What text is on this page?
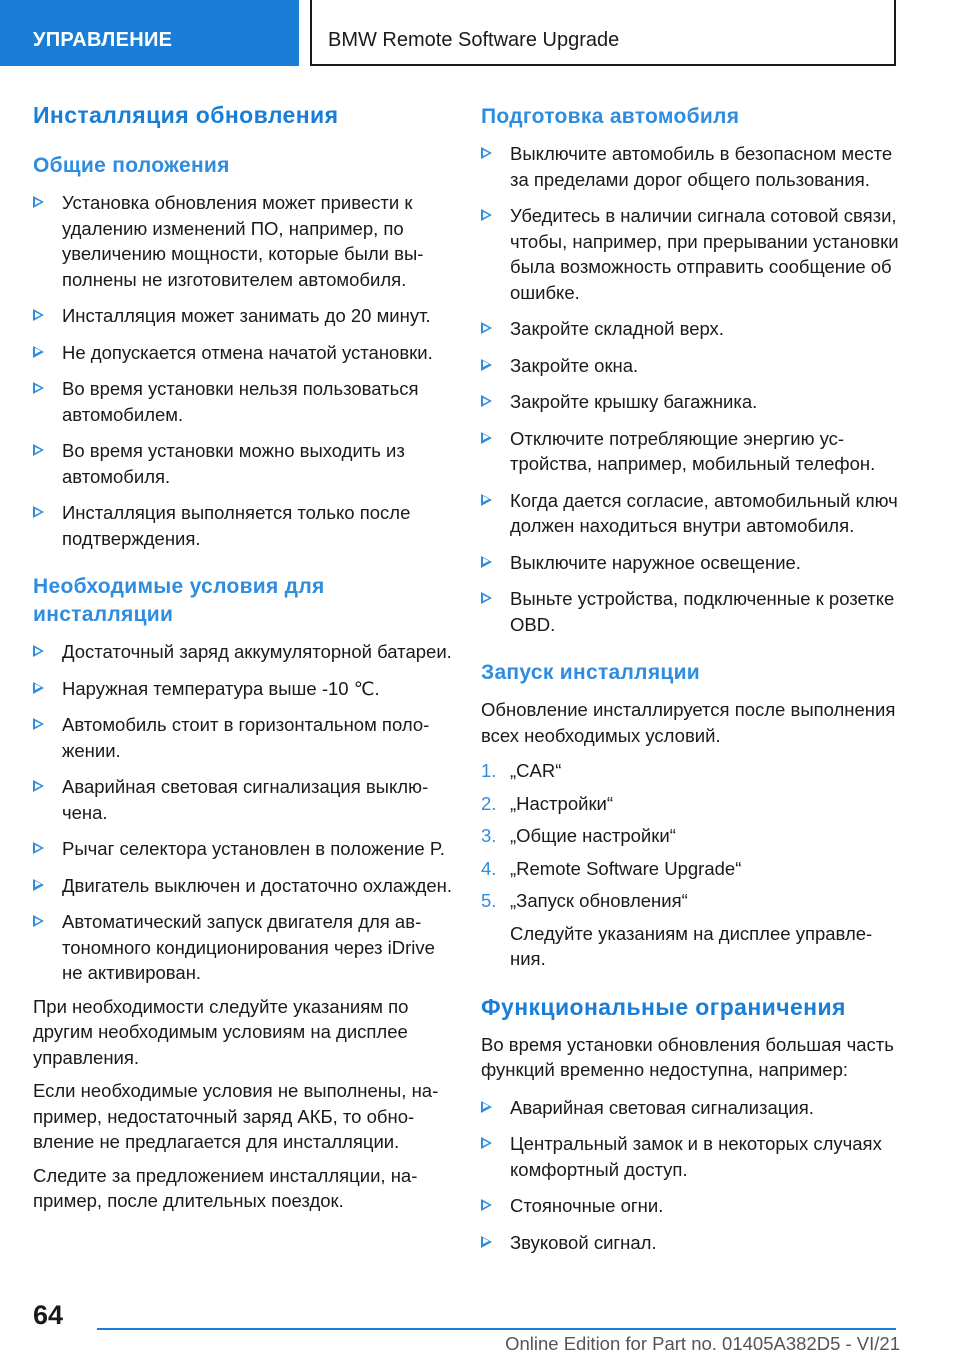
УПРАВЛЕНИЕ	BMW Remote Software Upgrade
Инсталляция обновления
Общие положения
Установка обновления может привести к удалению изменений ПО, например, по увеличению мощности, которые были выполнены не изготовителем автомобиля.
Инсталляция может занимать до 20 минут.
Не допускается отмена начатой установки.
Во время установки нельзя пользоваться автомобилем.
Во время установки можно выходить из автомобиля.
Инсталляция выполняется только после подтверждения.
Необходимые условия для инсталляции
Достаточный заряд аккумуляторной батареи.
Наружная температура выше -10 ℃.
Автомобиль стоит в горизонтальном положении.
Аварийная световая сигнализация выключена.
Рычаг селектора установлен в положение P.
Двигатель выключен и достаточно охлажден.
Автоматический запуск двигателя для автономного кондиционирования через iDrive не активирован.

При необходимости следуйте указаниям по другим необходимым условиям на дисплее управления.

Если необходимые условия не выполнены, например, недостаточный заряд АКБ, то обновление не предлагается для инсталляции.

Следите за предложением инсталляции, например, после длительных поездок.

Подготовка автомобиля
Выключите автомобиль в безопасном месте за пределами дорог общего пользования.
Убедитесь в наличии сигнала сотовой связи, чтобы, например, при прерывании установки была возможность отправить сообщение об ошибке.
Закройте складной верх.
Закройте окна.
Закройте крышку багажника.
Отключите потребляющие энергию устройства, например, мобильный телефон.
Когда дается согласие, автомобильный ключ должен находиться внутри автомобиля.
Выключите наружное освещение.
Выньте устройства, подключенные к розетке OBD.
Запуск инсталляции

Обновление инсталлируется после выполнения всех необходимых условий.

1. „CAR“
2. „Настройки“
3. „Общие настройки“
4. „Remote Software Upgrade“
5. „Запуск обновления“

Следуйте указаниям на дисплее управления.

Функциональные ограничения

Во время установки обновления большая часть функций временно недоступна, например:

Аварийная световая сигнализация.
Центральный замок и в некоторых случаях комфортный доступ.
Стояночные огни.
Звуковой сигнал.
64
Online Edition for Part no. 01405A382D5 - VI/21
